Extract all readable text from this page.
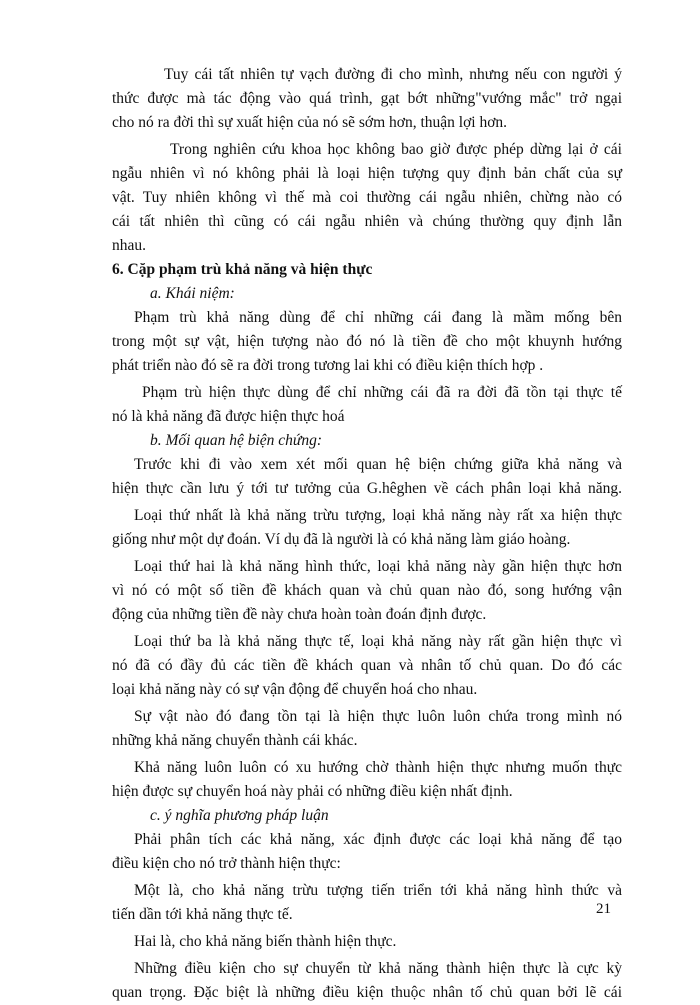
Tuy cái tất nhiên tự vạch đường đi cho mình, nhưng nếu con người ý
thức được mà tác động vào quá trình, gạt bớt những"vướng mắc" trở ngại
cho nó ra đời thì sự xuất hiện của nó sẽ sớm hơn, thuận lợi hơn.
Trong nghiên cứu khoa học không bao giờ được phép dừng lại ở cái
ngẫu nhiên vì nó không phải là loại hiện tượng quy định bản chất của sự
vật. Tuy nhiên không vì thế mà coi thường cái ngẫu nhiên, chừng nào có
cái tất nhiên thì cũng có cái ngẫu nhiên và chúng thường quy định lẫn
nhau.
6. Cặp phạm trù khả năng và hiện thực
a. Khái niệm:
Phạm trù khả năng dùng để chỉ những cái đang là mầm mống bên
trong một sự vật, hiện tượng nào đó nó là tiền đề cho một khuynh hướng
phát triển nào đó sẽ ra đời trong tương lai khi có điều kiện thích hợp .
Phạm trù hiện thực dùng để chỉ những cái đã ra đời đã tồn tại thực tế
nó là khả năng đã được hiện thực hoá
b. Mối quan hệ biện chứng:
Trước khi đi vào xem xét mối quan hệ biện chứng giữa khả năng và
hiện thực cần lưu ý tới tư tưởng của G.hêghen về cách phân loại khả năng.
Loại thứ nhất là khả năng trừu tượng, loại khả năng này rất xa hiện thực
giống như một dự đoán. Ví dụ đã là người là có khả năng làm giáo hoàng.
Loại thứ hai là khả năng hình thức, loại khả năng này gần hiện thực hơn
vì nó có một số tiền đề khách quan và chủ quan nào đó, song hướng vận
động của những tiền đề này chưa hoàn toàn đoán định được.
Loại thứ ba là khả năng thực tế, loại khả năng này rất gần hiện thực vì
nó đã có đầy đủ các tiền đề khách quan và nhân tố chủ quan. Do đó các
loại khả năng này có sự vận động để chuyển hoá cho nhau.
Sự vật nào đó đang tồn tại là hiện thực luôn luôn chứa trong mình nó
những khả năng chuyển thành cái khác.
Khả năng luôn luôn có xu hướng chờ thành hiện thực nhưng muốn thực
hiện được sự chuyển hoá này phải có những điều kiện nhất định.
c. ý nghĩa phương pháp luận
Phải phân tích các khả năng, xác định được các loại khả năng để tạo
điều kiện cho nó trở thành hiện thực:
Một là, cho khả năng trừu tượng tiến triển tới khả năng hình thức và
tiến dần tới khả năng thực tế.
Hai là, cho khả năng biến thành hiện thực.
Những điều kiện cho sự chuyển từ khả năng thành hiện thực là cực kỳ
quan trọng. Đặc biệt là những điều kiện thuộc nhân tố chủ quan bởi lẽ cái
21
